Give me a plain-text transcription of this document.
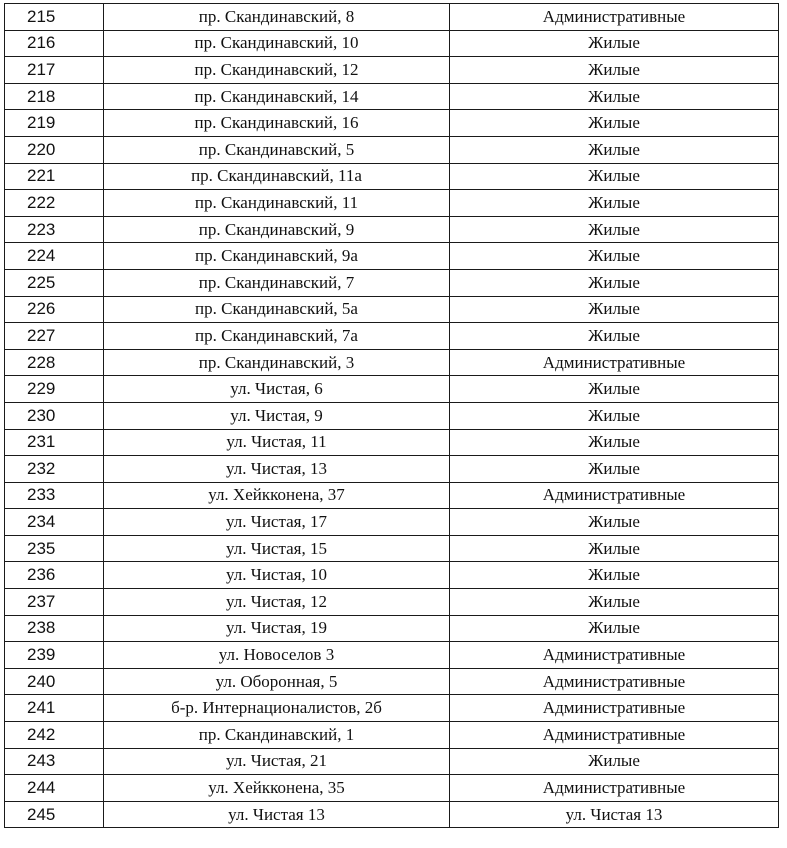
215	пр. Скандинавский, 8	Административные
216	пр. Скандинавский, 10	Жилые
217	пр. Скандинавский, 12	Жилые
218	пр. Скандинавский, 14	Жилые
219	пр. Скандинавский, 16	Жилые
220	пр. Скандинавский, 5	Жилые
221	пр. Скандинавский, 11а	Жилые
222	пр. Скандинавский, 11	Жилые
223	пр. Скандинавский, 9	Жилые
224	пр. Скандинавский, 9а	Жилые
225	пр. Скандинавский, 7	Жилые
226	пр. Скандинавский, 5а	Жилые
227	пр. Скандинавский, 7а	Жилые
228	пр. Скандинавский, 3	Административные
229	ул. Чистая, 6	Жилые
230	ул. Чистая, 9	Жилые
231	ул. Чистая, 11	Жилые
232	ул. Чистая, 13	Жилые
233	ул. Хейкконена, 37	Административные
234	ул. Чистая, 17	Жилые
235	ул. Чистая, 15	Жилые
236	ул. Чистая, 10	Жилые
237	ул. Чистая, 12	Жилые
238	ул. Чистая, 19	Жилые
239	ул. Новоселов 3	Административные
240	ул. Оборонная, 5	Административные
241	б-р. Интернационалистов, 2б	Административные
242	пр. Скандинавский, 1	Административные
243	ул. Чистая, 21	Жилые
244	ул. Хейкконена, 35	Административные
245	ул. Чистая 13	ул. Чистая 13
